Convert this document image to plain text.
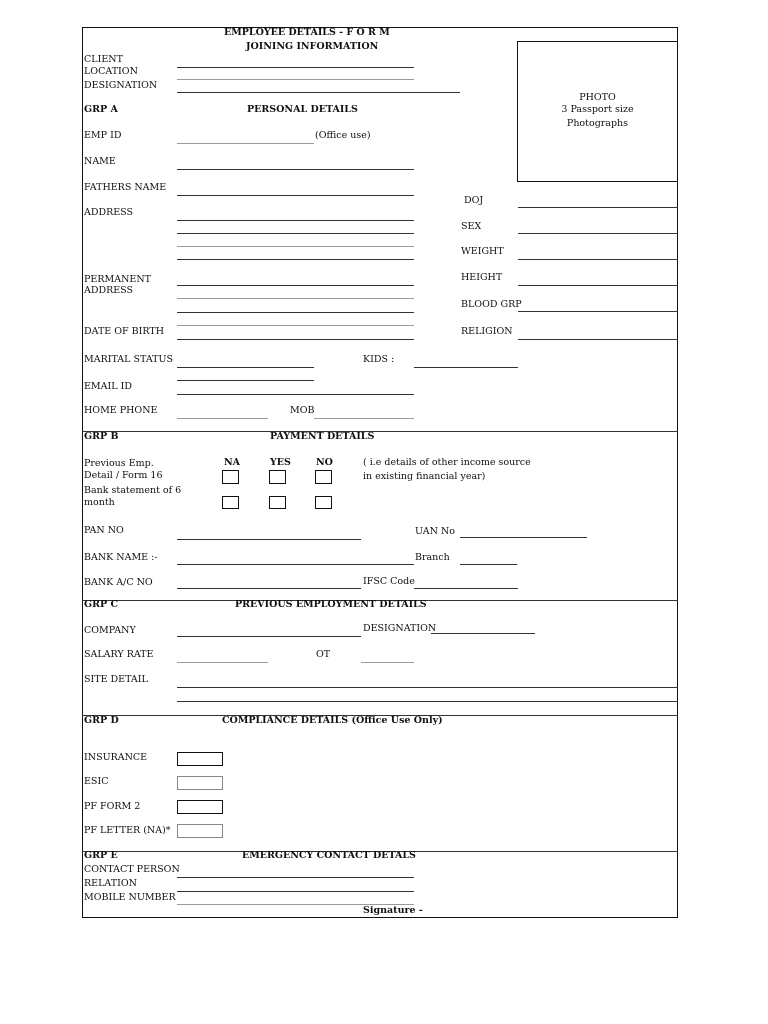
EMPLOYEE DETAILS - F O R M
JOINING INFORMATION
CLIENT
LOCATION
DESIGNATION
PHOTO
3 Passport size
Photographs
GRP A	PERSONAL DETAILS
EMP ID	(Office use)
NAME
FATHERS NAME
ADDRESS
PERMANENT
ADDRESS
DATE OF BIRTH
MARITAL STATUS	KIDS :
EMAIL ID
HOME PHONE	MOB
DOJ
SEX
WEIGHT
HEIGHT
BLOOD GRP
RELIGION
GRP B	PAYMENT DETAILS
Previous Emp.
Detail / Form 16
Bank statement of 6
month
NA	YES	NO	( i.e details of other income source
in existing financial year)
PAN NO	UAN No
BANK NAME :-	Branch
BANK A/C NO	IFSC Code
GRP C	PREVIOUS EMPLOYMENT DETAILS
COMPANY	DESIGNATION
SALARY RATE	OT
SITE DETAIL
GRP D	COMPLIANCE DETAILS (Office Use Only)
INSURANCE
ESIC
PF FORM 2
PF LETTER (NA)*
GRP E	EMERGENCY CONTACT DETALS
CONTACT PERSON
RELATION
MOBILE NUMBER
Signature -
